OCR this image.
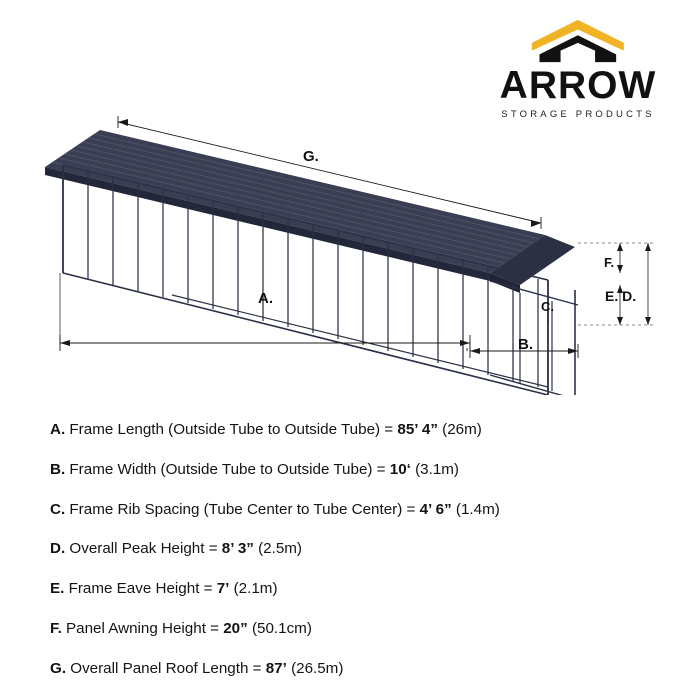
ARROW
STORAGE PRODUCTS
G.
A.
B.
C.
F.
E. D.
A. Frame Length (Outside Tube to Outside Tube) = 85’ 4” (26m)
B. Frame Width (Outside Tube to Outside Tube) = 10‘ (3.1m)
C. Frame Rib Spacing (Tube Center to Tube Center) = 4’ 6” (1.4m)
D. Overall Peak Height = 8’ 3” (2.5m)
E. Frame Eave Height = 7’ (2.1m)
F. Panel Awning Height = 20” (50.1cm)
G. Overall Panel Roof Length = 87’ (26.5m)
